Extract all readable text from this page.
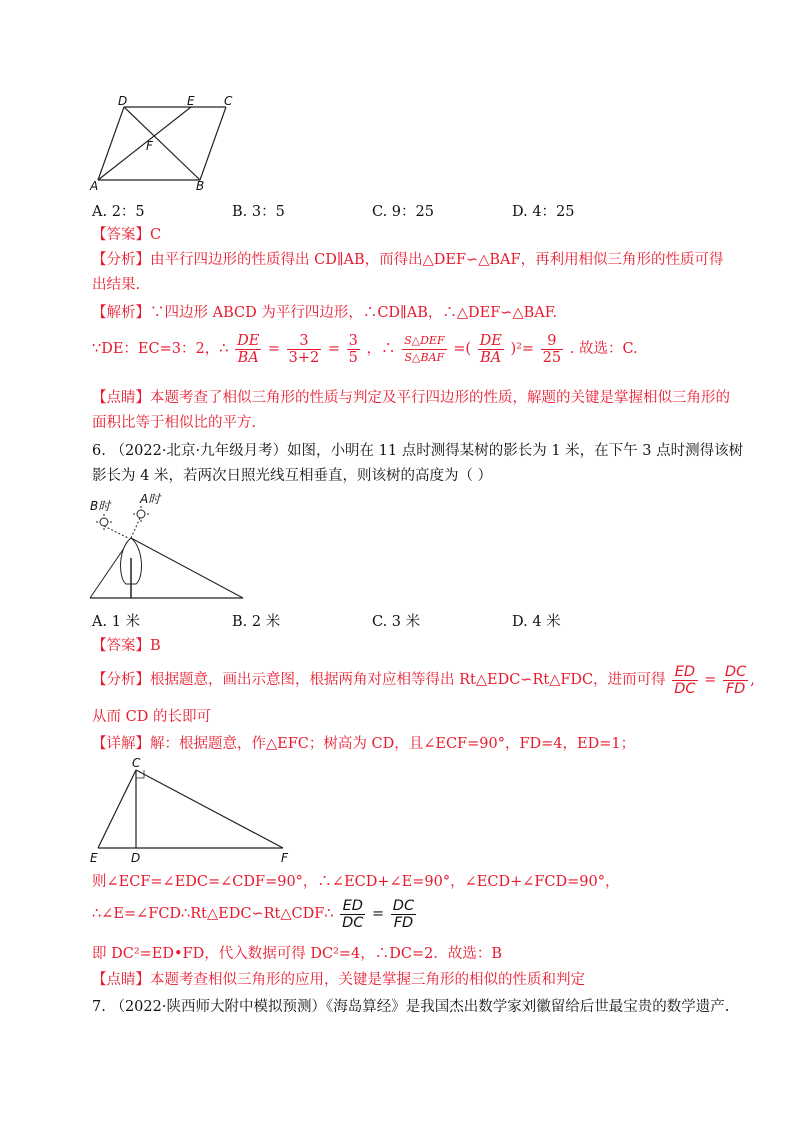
D	E C
F
A	B
A. 2：5	B. 3：5	C. 9：25	D. 4：25
【答案】C
【分析】由平行四边形的性质得出 CD∥AB，而得出△DEF∽△BAF，再利用相似三角形的性质可得
出结果.
【解析】∵四边形 ABCD 为平行四边形，∴CD∥AB，∴△DEF∽△BAF.
∵DE：EC=3：2，∴ $\frac{DE}{BA} = \frac{3}{3+2} = \frac{3}{5}$ ，∴ $\frac{\text{S△DEF}}{\text{S△BAF}}$ =( $\frac{DE}{BA} )^2= \frac{9}{25}$ . 故选：C.
【点睛】本题考查了相似三角形的性质与判定及平行四边形的性质，解题的关键是掌握相似三角形的
面积比等于相似比的平方.
6. （2022·北京·九年级月考）如图，小明在 11 点时测得某树的影长为 1 米，在下午 3 点时测得该树
影长为 4 米，若两次日照光线互相垂直，则该树的高度为（ ）
B时 A时
A. 1 米	B. 2 米	C. 3 米	D. 4 米
【答案】B
【分析】根据题意，画出示意图，根据两角对应相等得出 Rt△EDC∽Rt△FDC，进而可得 $\frac{ED}{DC} = \frac{DC}{FD}$ ,
从而 CD 的长即可
【详解】解：根据题意，作△EFC；树高为 CD，且∠ECF=90°，FD=4，ED=1；
C
E	D	F
则∠ECF=∠EDC=∠CDF=90°，∴∠ECD+∠E=90°，∠ECD+∠FCD=90°，
∴∠E=∠FCD∴Rt△EDC∽Rt△CDF∴ $\frac{ED}{DC} = \frac{DC}{FD}$
即 DC²=ED•FD，代入数据可得 DC²=4，∴DC=2．故选：B
【点睛】本题考查相似三角形的应用，关键是掌握三角形的相似的性质和判定
7. （2022·陕西师大附中模拟预测）《海岛算经》是我国杰出数学家刘徽留给后世最宝贵的数学遗产.
